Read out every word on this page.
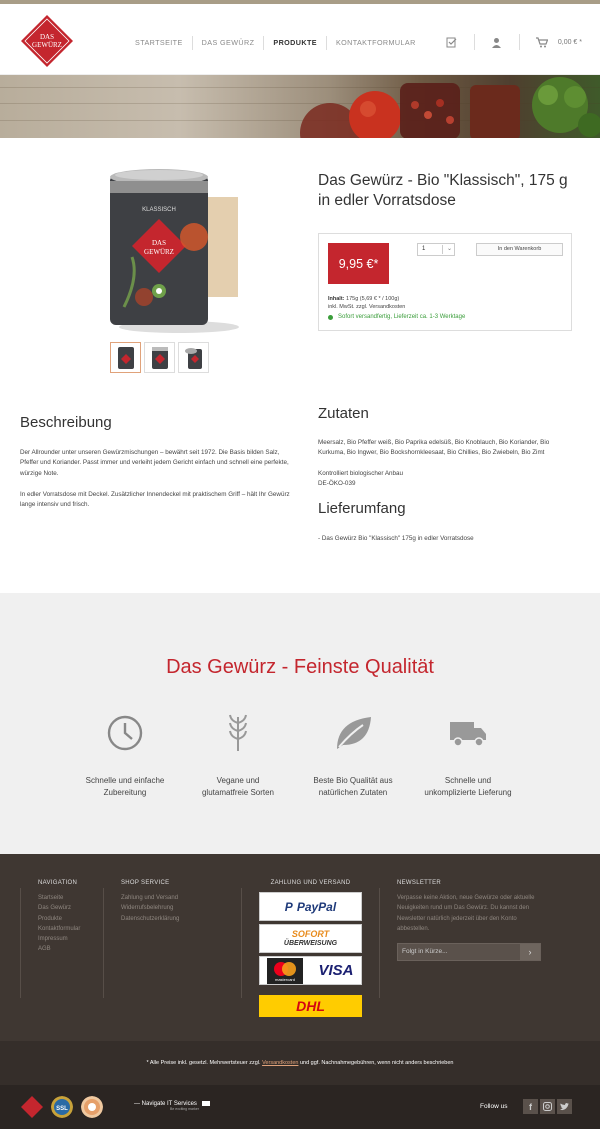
DAS
GEWÜRZ	STARTSEITE	DAS GEWÜRZ	PRODUKTE	KONTAKTFORMULAR	0,00 € *
KLASSISCH
DAS
GEWÜRZ
Das Gewürz - Bio "Klassisch", 175 g in edler Vorratsdose
9,95 €*
1	⌄	In den Warenkorb
Inhalt: 175g (5,69 € * / 100g)
inkl. MwSt. zzgl. Versandkosten
Sofort versandfertig, Lieferzeit ca. 1-3 Werktage
Beschreibung

Der Allrounder unter unseren Gewürzmischungen – bewährt seit 1972. Die Basis bilden Salz, Pfeffer und Koriander. Passt immer und verleiht jedem Gericht einfach und schnell eine perfekte, würzige Note.

In edler Vorratsdose mit Deckel. Zusätzlicher Innendeckel mit praktischem Griff – hält Ihr Gewürz lange intensiv und frisch.

Zutaten

Meersalz, Bio Pfeffer weiß, Bio Paprika edelsüß, Bio Knoblauch, Bio Koriander, Bio Kurkuma, Bio Ingwer, Bio Bockshornkleesaat, Bio Chillies, Bio Zwiebeln, Bio Zimt

Kontrolliert biologischer Anbau

DE-ÖKO-039

Lieferumfang

- Das Gewürz Bio "Klassisch" 175g in edler Vorratsdose

Das Gewürz - Feinste Qualität
Schnelle und einfache
Zubereitung
Vegane und
glutamatfreie Sorten
Beste Bio Qualität aus
natürlichen Zutaten
Schnelle und
unkomplizierte Lieferung
NAVIGATION
Startseite
Das Gewürz
Produkte
Kontaktformular
Impressum
AGB
SHOP SERVICE
Zahlung und Versand
Widerrufsbelehrung
Datenschutzerklärung
ZAHLUNG UND VERSAND
P PayPal
SOFORT
ÜBERWEISUNG
mastercard VISA
DHL
NEWSLETTER
Verpasse keine Aktion, neue Gewürze oder aktuelle Neuigkeiten rund um Das Gewürz. Du kannst den Newsletter natürlich jederzeit über den Konto abbestellen.
Folgt in Kürze...	›
* Alle Preise inkl. gesetzl. Mehrwertsteuer zzgl. Versandkosten und ggf. Nachnahmegebühren, wenn nicht anders beschrieben
SSL
— Navigate IT Services
Be exciting marker	Follow us f
